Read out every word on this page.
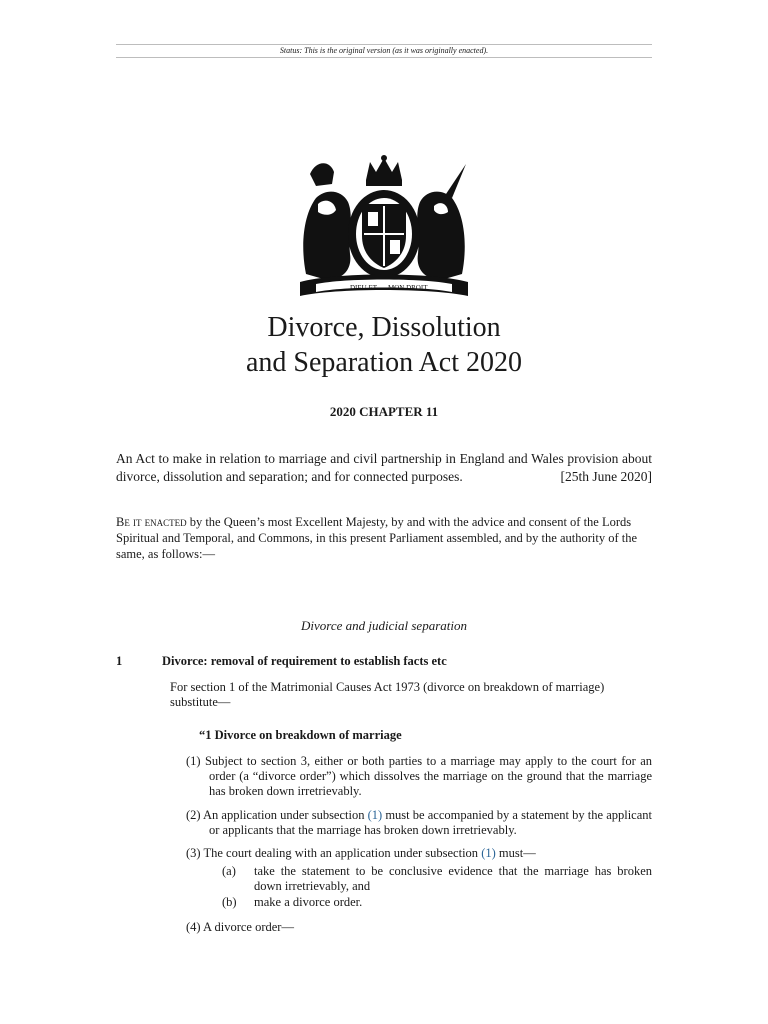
Status: This is the original version (as it was originally enacted).
DIEU ET MON DROIT
Divorce, Dissolution
and Separation Act 2020

2020 CHAPTER 11

An Act to make in relation to marriage and civil partnership in England and Wales provision about divorce, dissolution and separation; and for connected purposes.	[25th June 2020]

Be it enacted by the Queen’s most Excellent Majesty, by and with the advice and consent of the Lords Spiritual and Temporal, and Commons, in this present Parliament assembled, and by the authority of the same, as follows:—

Divorce and judicial separation

1	Divorce: removal of requirement to establish facts etc

For section 1 of the Matrimonial Causes Act 1973 (divorce on breakdown of marriage) substitute—

“1 Divorce on breakdown of marriage
(1) Subject to section 3, either or both parties to a marriage may apply to the court for an order (a “divorce order”) which dissolves the marriage on the ground that the marriage has broken down irretrievably.
(2) An application under subsection (1) must be accompanied by a statement by the applicant or applicants that the marriage has broken down irretrievably.
(3) The court dealing with an application under subsection (1) must—
(a) take the statement to be conclusive evidence that the marriage has broken down irretrievably, and
(b) make a divorce order.
(4) A divorce order—
